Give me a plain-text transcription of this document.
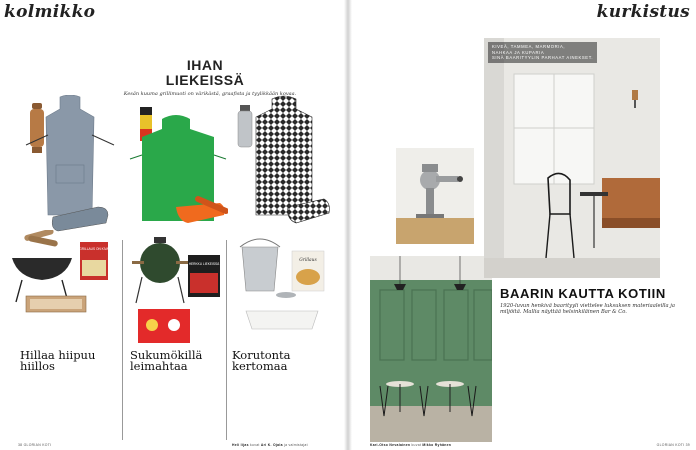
kolmikko
IHAN
LIEKEISSÄ
Kesän kuuma grillimuoti on värikästä, graafista ja tyylikkään kovaa.
GRILLAUS ON KIVA
HERKKU LIEKEISSÄ
Grillaus
Hillaa hiipuu
hiillos
Sukumökillä
leimahtaa
Korutonta
kertomaa
38 GLORIAN KOTI	Heli Iijas kuvat Ari K. Ojala ja valmistajat
kurkistus
KIVEÄ, TAMMEA, MARMORIA,
NAHKAA JA KUPARIA
SINÄ BAARITYYLIN PARHAAT AINEKSET.
BAARIN KAUTTA KOTIIN
1920-luvun henkivä baarityyli viettelee luksuksen materiaaleilla ja miljöitä. Mallia näyttää helsinkiläinen Bar & Co.
Kari-Otso Nevalainen kuvat Mikko Ryhänen	GLORIAN KOTI 39
